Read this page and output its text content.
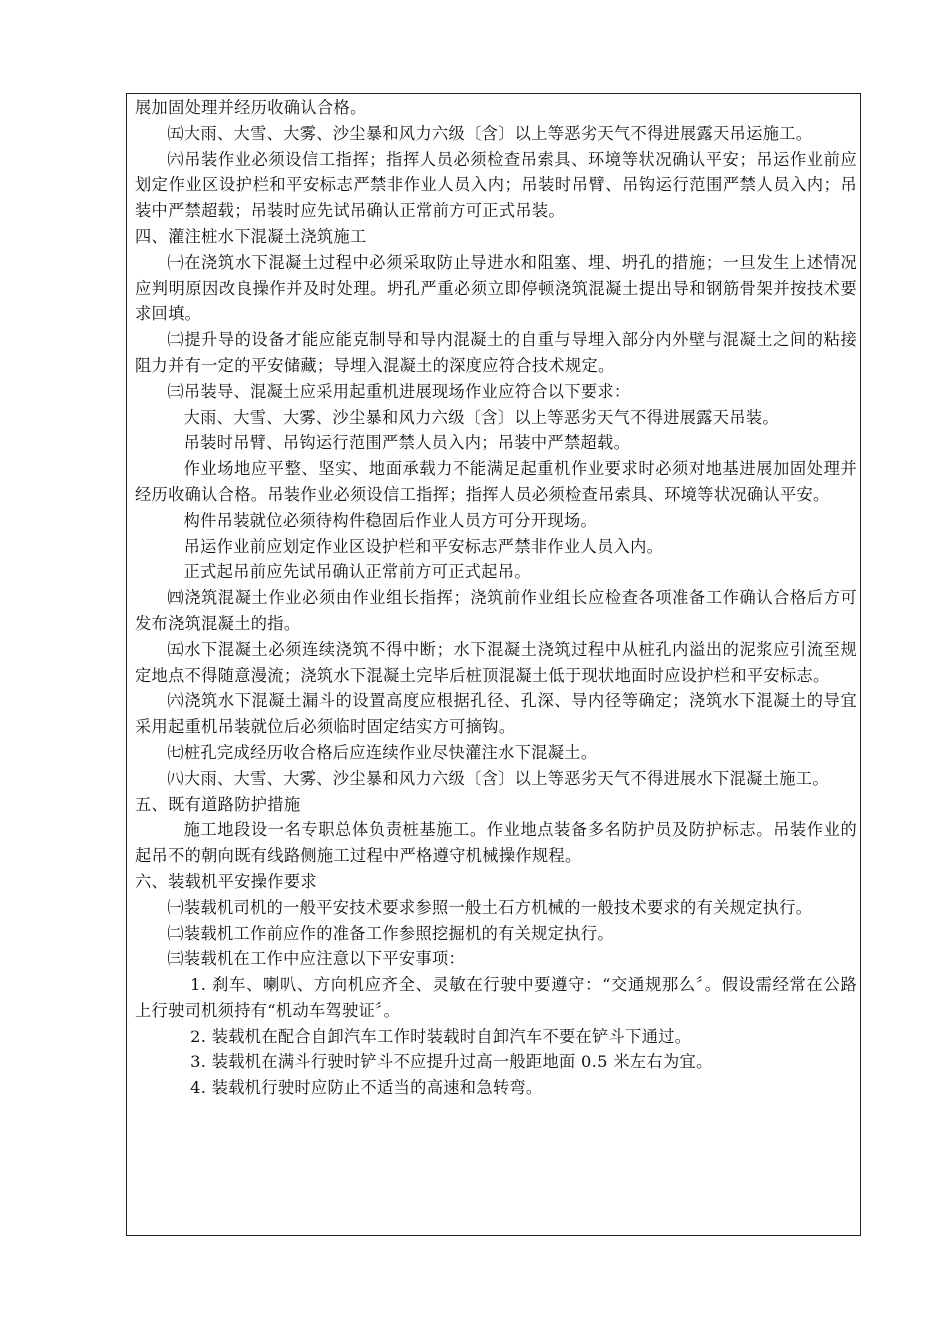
展加固处理并经历收确认合格。

㈤大雨、大雪、大雾、沙尘暴和风力六级〔含〕以上等恶劣天气不得进展露天吊运施工。

㈥吊装作业必须设信工指挥；指挥人员必须检查吊索具、环境等状况确认平安；吊运作业前应划定作业区设护栏和平安标志严禁非作业人员入内；吊装时吊臂、吊钩运行范围严禁人员入内；吊装中严禁超载；吊装时应先试吊确认正常前方可正式吊装。

四、灌注桩水下混凝土浇筑施工

㈠在浇筑水下混凝土过程中必须采取防止导进水和阻塞、埋、坍孔的措施；一旦发生上述情况应判明原因改良操作并及时处理。坍孔严重必须立即停顿浇筑混凝土提出导和钢筋骨架并按技术要求回填。

㈡提升导的设备才能应能克制导和导内混凝土的自重与导埋入部分内外壁与混凝土之间的粘接阻力并有一定的平安储藏；导埋入混凝土的深度应符合技术规定。

㈢吊装导、混凝土应采用起重机进展现场作业应符合以下要求：

大雨、大雪、大雾、沙尘暴和风力六级〔含〕以上等恶劣天气不得进展露天吊装。

吊装时吊臂、吊钩运行范围严禁人员入内；吊装中严禁超载。

作业场地应平整、坚实、地面承载力不能满足起重机作业要求时必须对地基进展加固处理并经历收确认合格。吊装作业必须设信工指挥；指挥人员必须检查吊索具、环境等状况确认平安。

构件吊装就位必须待构件稳固后作业人员方可分开现场。

吊运作业前应划定作业区设护栏和平安标志严禁非作业人员入内。

正式起吊前应先试吊确认正常前方可正式起吊。

㈣浇筑混凝土作业必须由作业组长指挥；浇筑前作业组长应检查各项准备工作确认合格后方可发布浇筑混凝土的指。

㈤水下混凝土必须连续浇筑不得中断；水下混凝土浇筑过程中从桩孔内溢出的泥浆应引流至规定地点不得随意漫流；浇筑水下混凝土完毕后桩顶混凝土低于现状地面时应设护栏和平安标志。

㈥浇筑水下混凝土漏斗的设置高度应根据孔径、孔深、导内径等确定；浇筑水下混凝土的导宜采用起重机吊装就位后必须临时固定结实方可摘钩。

㈦桩孔完成经历收合格后应连续作业尽快灌注水下混凝土。

㈧大雨、大雪、大雾、沙尘暴和风力六级〔含〕以上等恶劣天气不得进展水下混凝土施工。

五、既有道路防护措施

施工地段设一名专职总体负责桩基施工。作业地点装备多名防护员及防护标志。吊装作业的起吊不的朝向既有线路侧施工过程中严格遵守机械操作规程。

六、装载机平安操作要求

㈠装载机司机的一般平安技术要求参照一般土石方机械的一般技术要求的有关规定执行。

㈡装载机工作前应作的准备工作参照挖掘机的有关规定执行。

㈢装载机在工作中应注意以下平安事项：

1. 刹车、喇叭、方向机应齐全、灵敏在行驶中要遵守：“交通规那么〞。假设需经常在公路上行驶司机须持有“机动车驾驶证〞。

2. 装载机在配合自卸汽车工作时装载时自卸汽车不要在铲斗下通过。

3. 装载机在满斗行驶时铲斗不应提升过高一般距地面 0.5 米左右为宜。

4. 装载机行驶时应防止不适当的高速和急转弯。
